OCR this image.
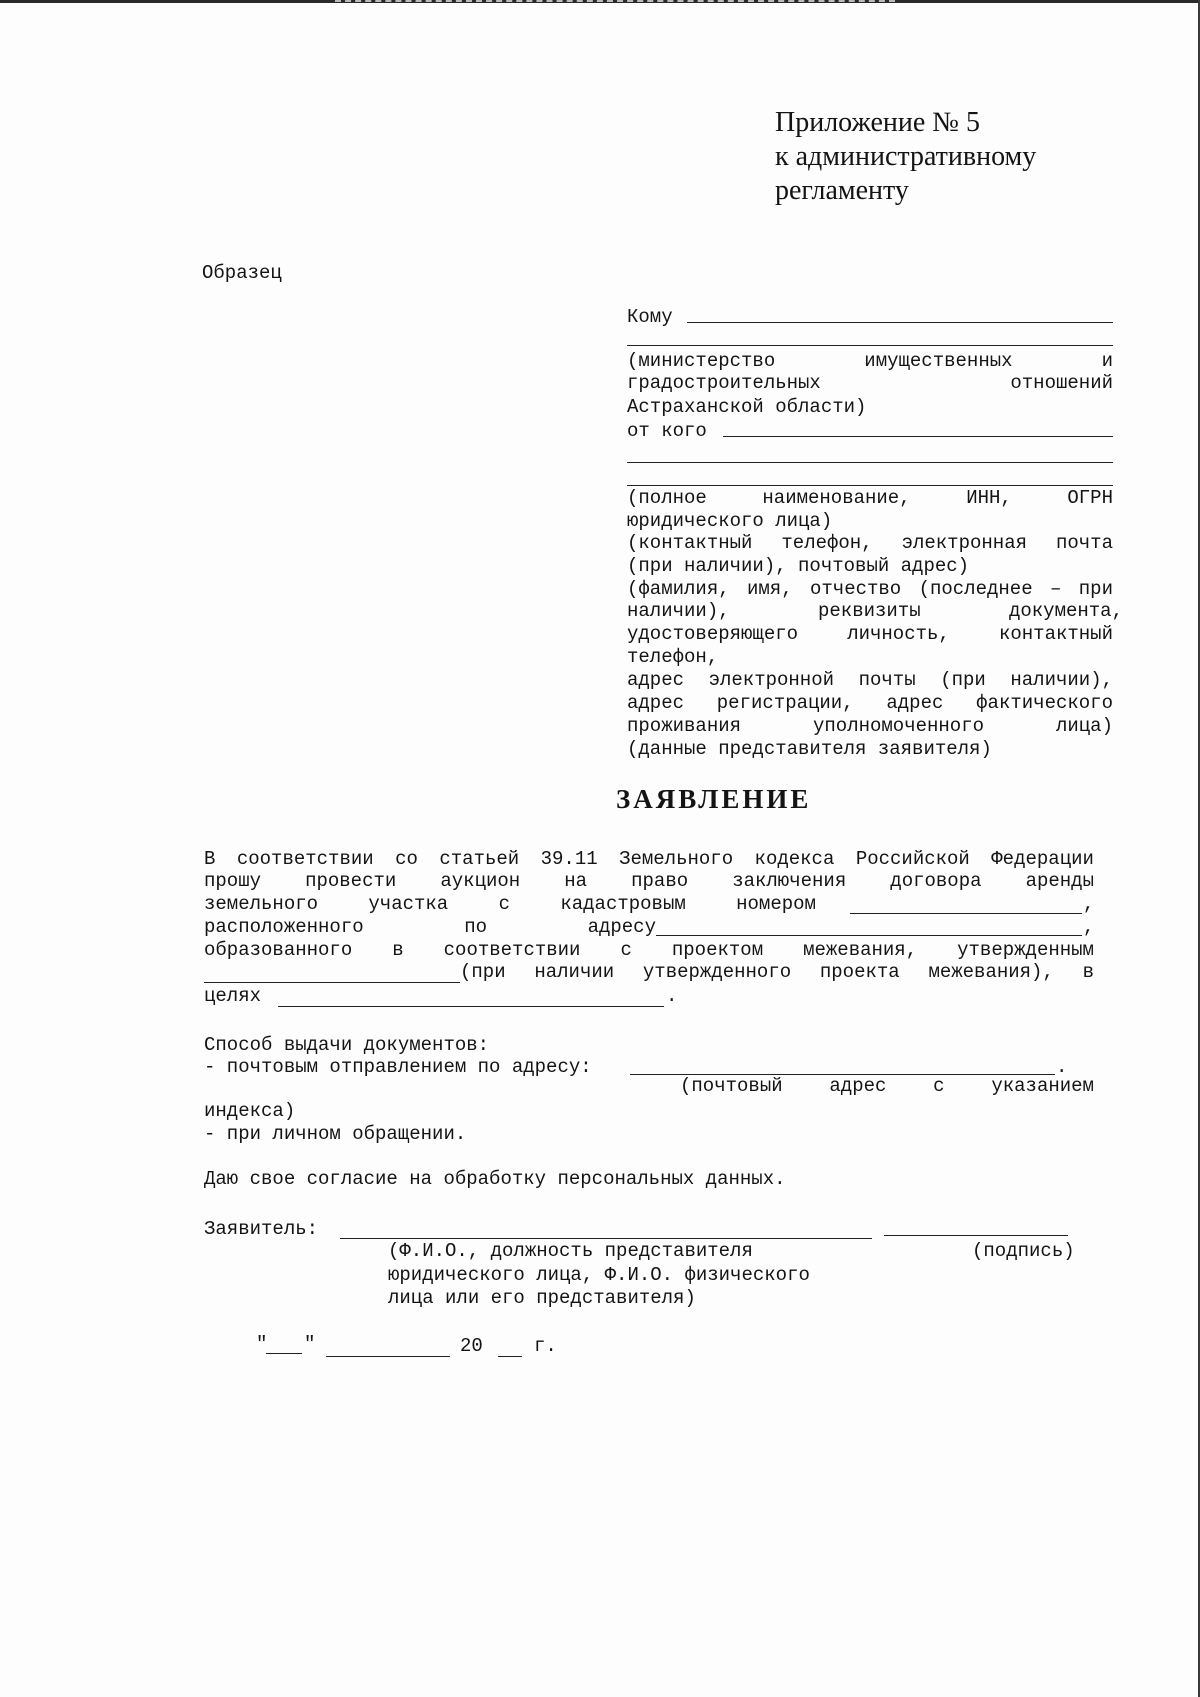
Приложение № 5
к административному
регламенту
Образец
Кому
(министерство	имущественных	и
градостроительных	отношений
Астраханской области)
от кого
(полное	наименование,	ИНН,	ОГРН
юридического лица)
(контактный телефон, электронная почта
(при наличии), почтовый адрес)
(фамилия, имя, отчество (последнее – при
наличии),	реквизиты	документа,
удостоверяющего	личность,	контактный
телефон,
адрес электронной почты (при наличии),
адрес регистрации, адрес фактического
проживания	уполномоченного	лица)
(данные представителя заявителя)
ЗАЯВЛЕНИЕ
В соответствии со статьей 39.11 Земельного кодекса Российской Федерации
прошу провести аукцион на право заключения договора аренды
земельного	участка	с	кадастровым	номером	,
расположенного	по	адресу	,
образованного в соответствии с проектом межевания, утвержденным
(при наличии утвержденного проекта межевания), в
целях	.
Способ выдачи документов:
- почтовым отправлением по адресу:	.
(почтовый адрес с указанием
индекса)
- при личном обращении.
Даю свое согласие на обработку персональных данных.
Заявитель:
(Ф.И.О., должность представителя
юридического лица, Ф.И.О. физического
лица или его представителя)
(подпись)
" "	20	г.
